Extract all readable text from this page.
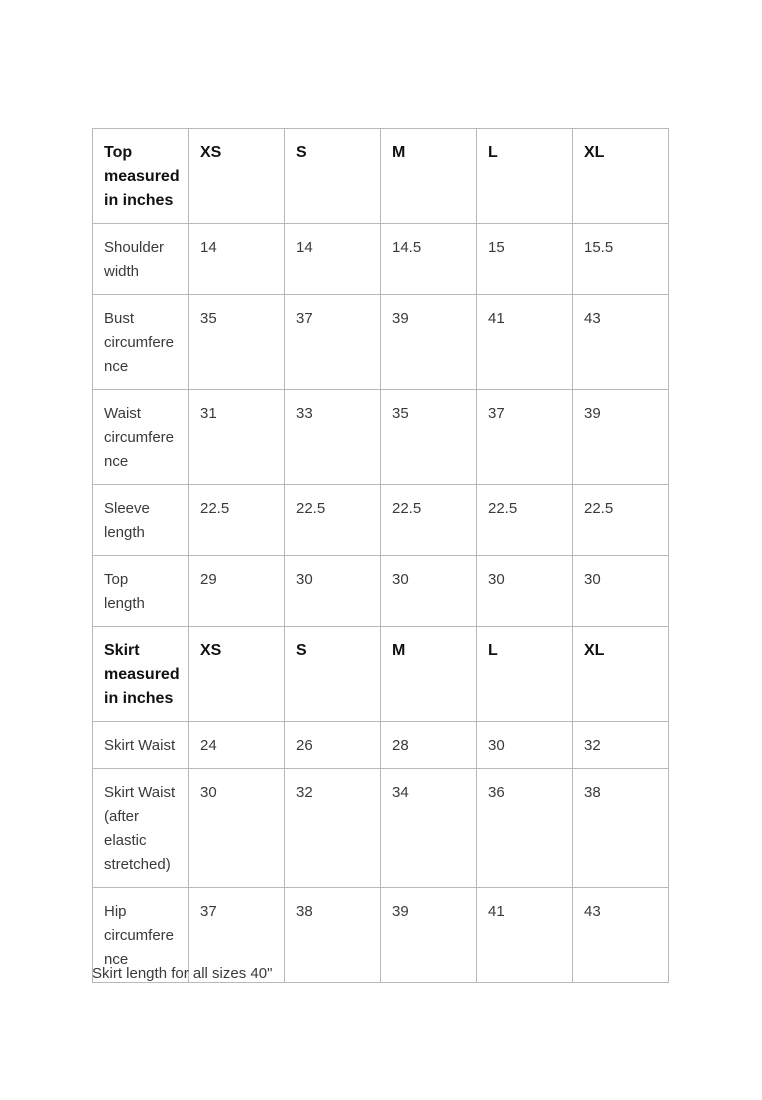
Top
measured
in inches	XS	S	M	L	XL

Shoulder
width	14	14	14.5	15	15.5

Bust
circumfere
nce	35	37	39	41	43

Waist
circumfere
nce	31	33	35	37	39

Sleeve
length	22.5	22.5	22.5	22.5	22.5

Top
length	29	30	30	30	30

Skirt
measured
in inches	XS	S	M	L	XL

Skirt Waist	24	26	28	30	32

Skirt Waist
(after
elastic
stretched)	30	32	34	36	38

Hip
circumfere
nce	37	38	39	41	43

Skirt length for all sizes 40"
